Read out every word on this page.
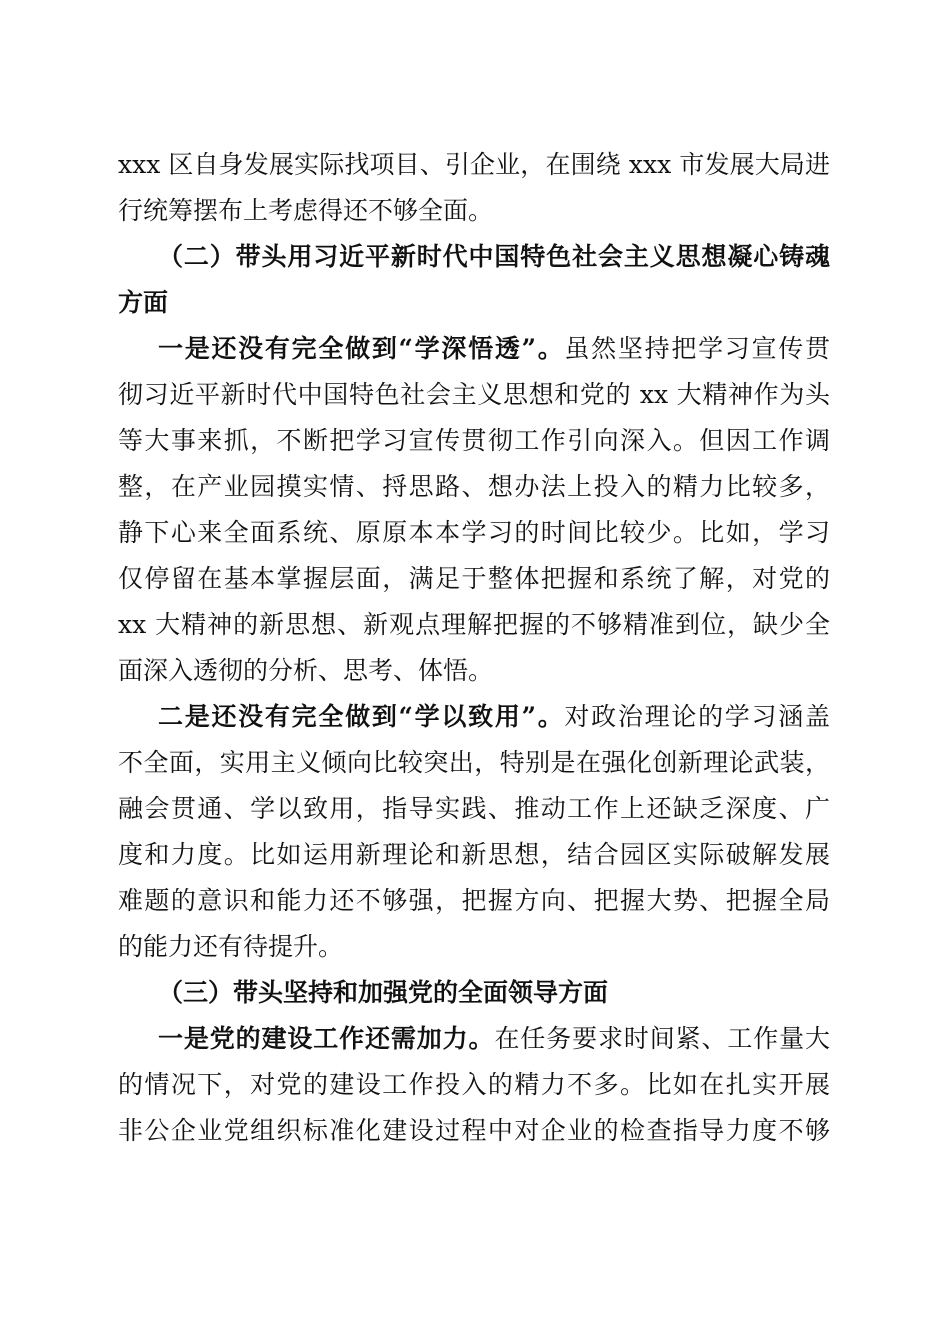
xxx 区自身发展实际找项目、引企业，在围绕 xxx 市发展大局进
行统筹摆布上考虑得还不够全面。
（二）带头用习近平新时代中国特色社会主义思想凝心铸魂
方面
一是还没有完全做到“学深悟透”。虽然坚持把学习宣传贯
彻习近平新时代中国特色社会主义思想和党的 xx 大精神作为头
等大事来抓，不断把学习宣传贯彻工作引向深入。但因工作调
整，在产业园摸实情、捋思路、想办法上投入的精力比较多，
静下心来全面系统、原原本本学习的时间比较少。比如，学习
仅停留在基本掌握层面，满足于整体把握和系统了解，对党的
xx 大精神的新思想、新观点理解把握的不够精准到位，缺少全
面深入透彻的分析、思考、体悟。
二是还没有完全做到“学以致用”。对政治理论的学习涵盖
不全面，实用主义倾向比较突出，特别是在强化创新理论武装，
融会贯通、学以致用，指导实践、推动工作上还缺乏深度、广
度和力度。比如运用新理论和新思想，结合园区实际破解发展
难题的意识和能力还不够强，把握方向、把握大势、把握全局
的能力还有待提升。
（三）带头坚持和加强党的全面领导方面
一是党的建设工作还需加力。在任务要求时间紧、工作量大
的情况下，对党的建设工作投入的精力不多。比如在扎实开展
非公企业党组织标准化建设过程中对企业的检查指导力度不够
